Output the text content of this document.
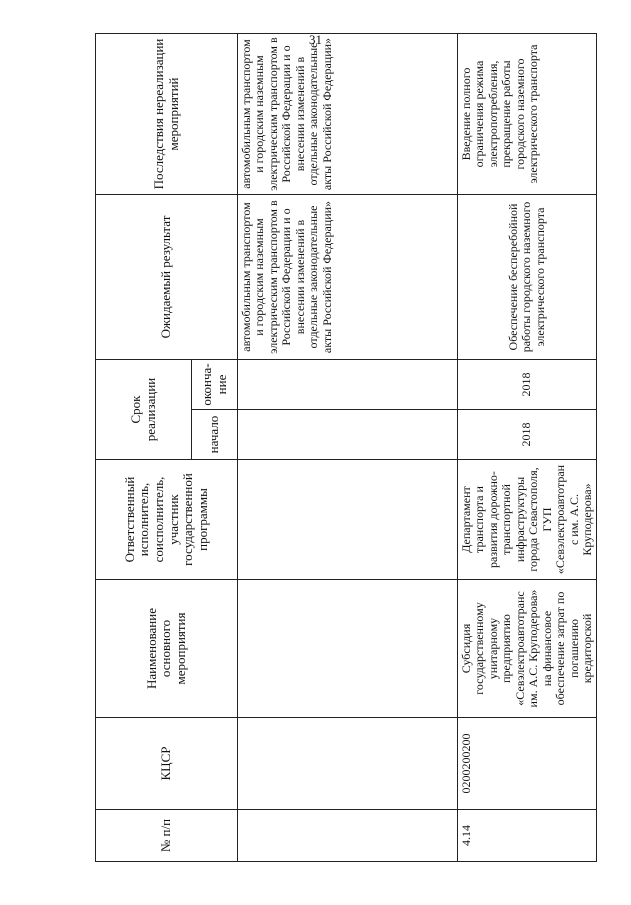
31
№ п/п	КЦСР	Наименование основного мероприятия	Ответственный исполнитель, соисполнитель, участник государственной программы	Срок реализации		Ожидаемый результат	Последствия нереализации мероприятий
				начало	оконча-ние		
						автомобильным транспортом и городским наземным электрическим транспортом в Российской Федерации и о внесении изменений в отдельные законодательные акты Российской Федерации»	автомобильным транспортом и городским наземным электрическим транспортом в Российской Федерации и о внесении изменений в отдельные законодательные акты Российской Федерации»
4.14	0200200200	Субсидия государственному унитарному предприятию «Севэлектроавтотранс им. А.С. Круподерова» на финансовое обеспечение затрат по погашению кредиторской	Департамент транспорта и развития дорожно-транспортной инфраструктуры города Севастополя, ГУП «Севэлектроавтотранс им. А.С. Круподерова»	2018	2018	Обеспечение бесперебойной работы городского наземного электрического транспорта	Введение полного ограничения режима электропотребления, прекращение работы городского наземного электрического транспорта
